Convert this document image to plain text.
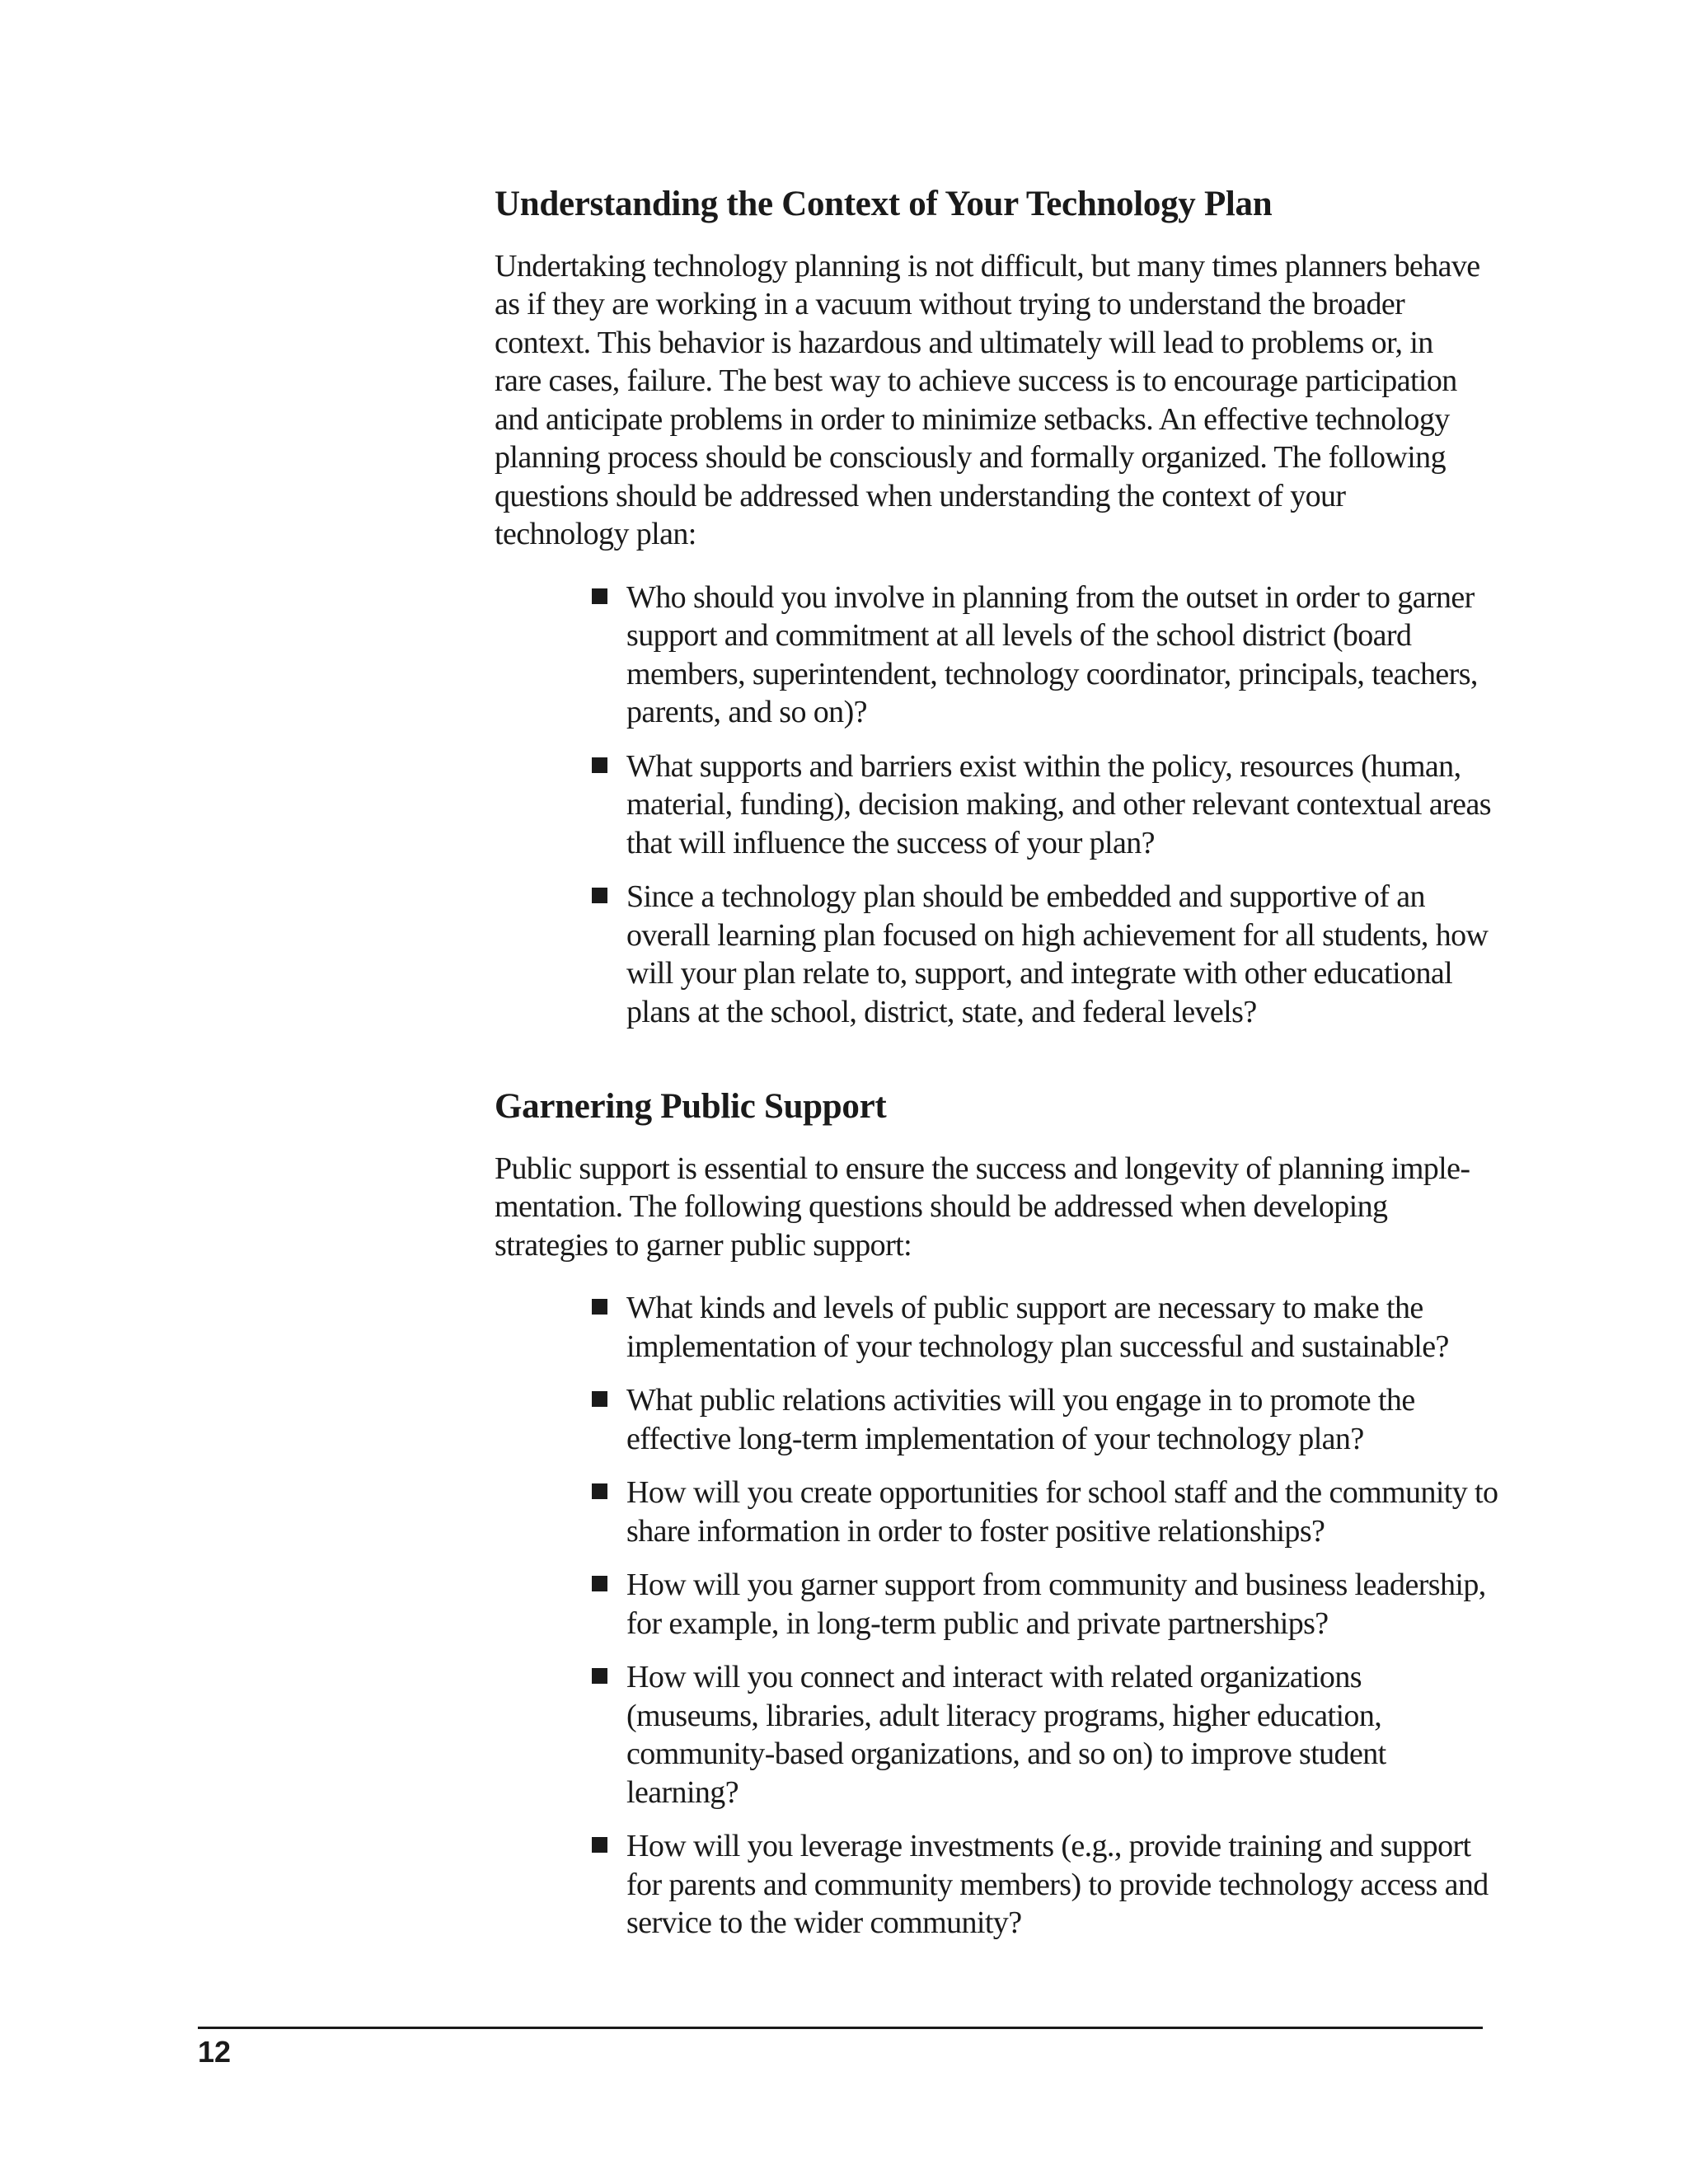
Understanding the Context of Your Technology Plan

Undertaking technology planning is not difficult, but many times planners behave as if they are working in a vacuum without trying to understand the broader context. This behavior is hazardous and ultimately will lead to problems or, in rare cases, failure. The best way to achieve success is to encourage participation and anticipate problems in order to minimize setbacks. An effective technology planning process should be consciously and formally organized. The following questions should be addressed when understanding the context of your technology plan:

Who should you involve in planning from the outset in order to garner support and commitment at all levels of the school district (board members, superintendent, technology coordinator, principals, teachers, parents, and so on)?
What supports and barriers exist within the policy, resources (human, material, funding), decision making, and other relevant contextual areas that will influence the success of your plan?
Since a technology plan should be embedded and supportive of an overall learning plan focused on high achievement for all students, how will your plan relate to, support, and integrate with other educational plans at the school, district, state, and federal levels?
Garnering Public Support

Public support is essential to ensure the success and longevity of planning imple-mentation. The following questions should be addressed when developing strategies to garner public support:

What kinds and levels of public support are necessary to make the implementation of your technology plan successful and sustainable?
What public relations activities will you engage in to promote the effective long-term implementation of your technology plan?
How will you create opportunities for school staff and the community to share information in order to foster positive relationships?
How will you garner support from community and business leadership, for example, in long-term public and private partnerships?
How will you connect and interact with related organizations (museums, libraries, adult literacy programs, higher education, community-based organizations, and so on) to improve student learning?
How will you leverage investments (e.g., provide training and support for parents and community members) to provide technology access and service to the wider community?
12
